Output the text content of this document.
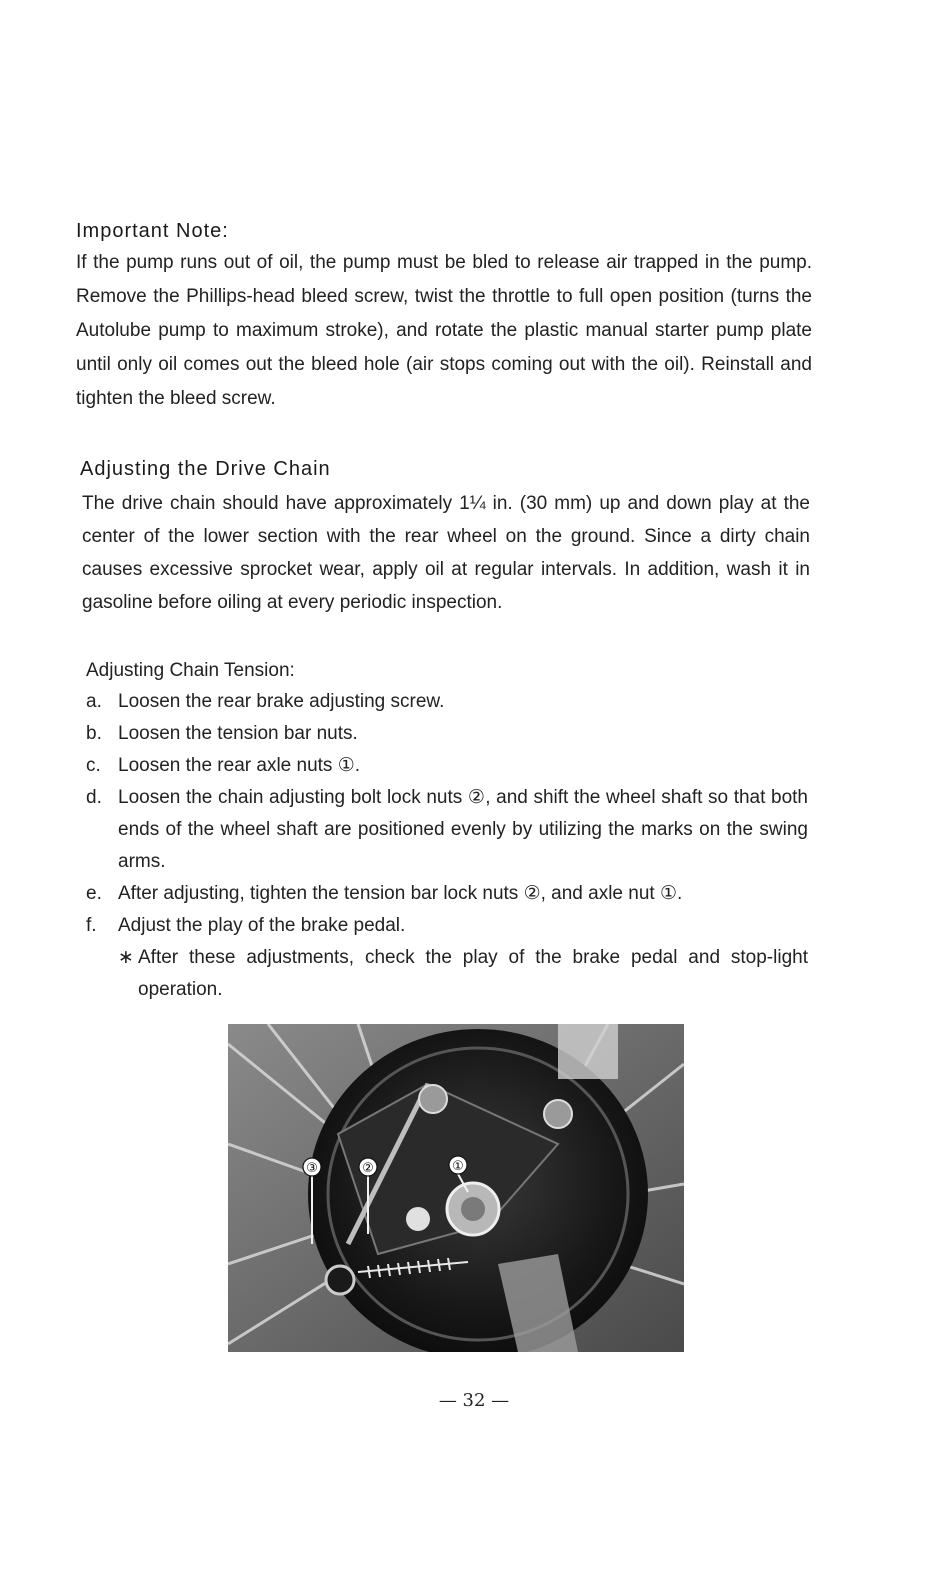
Important Note:
If the pump runs out of oil, the pump must be bled to release air trapped in the pump. Remove the Phillips-head bleed screw, twist the throttle to full open position (turns the Autolube pump to maximum stroke), and rotate the plastic manual starter pump plate until only oil comes out the bleed hole (air stops coming out with the oil). Reinstall and tighten the bleed screw.
Adjusting the Drive Chain
The drive chain should have approximately 1¼ in. (30 mm) up and down play at the center of the lower section with the rear wheel on the ground. Since a dirty chain causes excessive sprocket wear, apply oil at regular intervals. In addition, wash it in gasoline before oiling at every periodic inspection.
Adjusting Chain Tension:
a. Loosen the rear brake adjusting screw.
b. Loosen the tension bar nuts.
c. Loosen the rear axle nuts ①.
d. Loosen the chain adjusting bolt lock nuts ②, and shift the wheel shaft so that both ends of the wheel shaft are positioned evenly by utilizing the marks on the swing arms.
e. After adjusting, tighten the tension bar lock nuts ②, and axle nut ①.
f.	Adjust the play of the brake pedal.
∗ After these adjustments, check the play of the brake pedal and stop-light operation.
③	②	①
— 32 —
